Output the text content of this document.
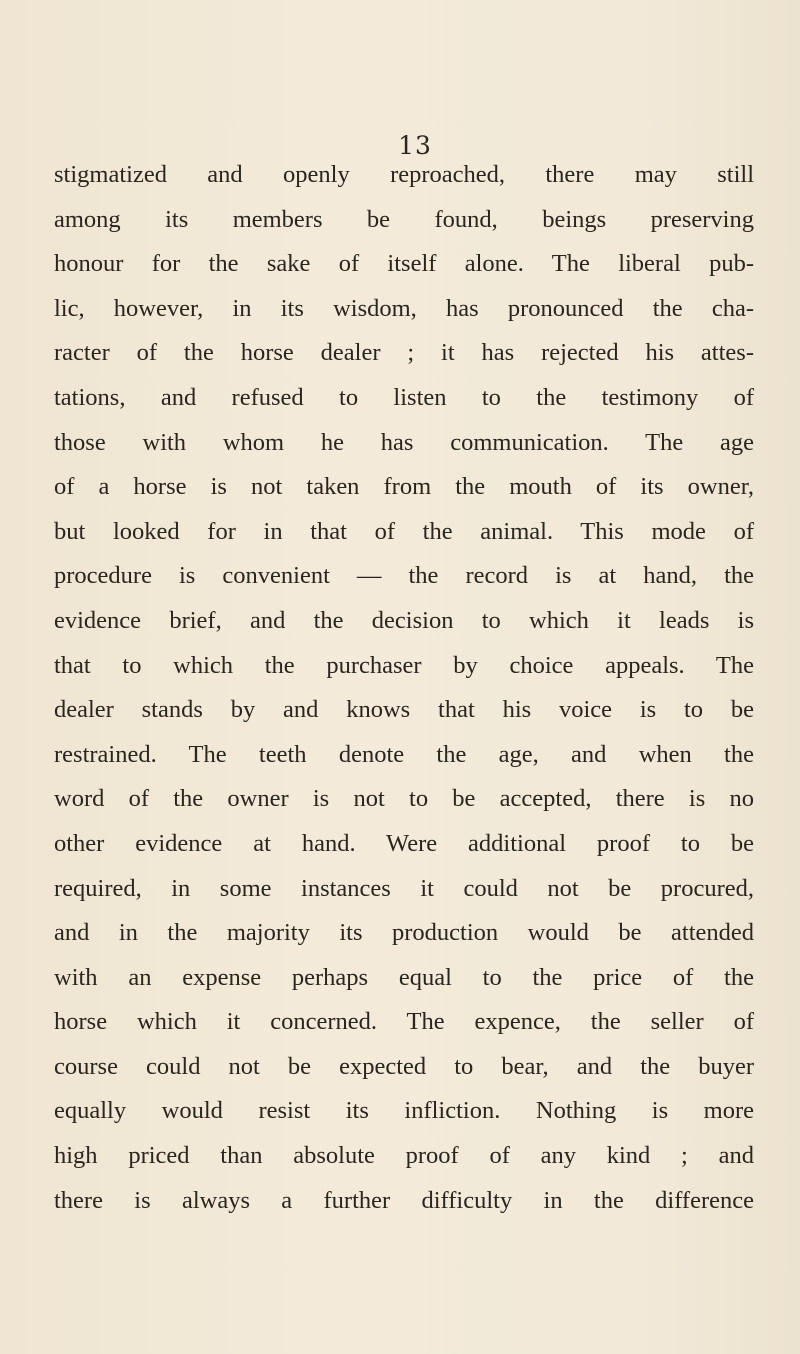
13
stigmatized and openly reproached, there may still
among its members be found, beings preserving
honour for the sake of itself alone. The liberal pub-
lic, however, in its wisdom, has pronounced the cha-
racter of the horse dealer ; it has rejected his attes-
tations, and refused to listen to the testimony of
those with whom he has communication. The age
of a horse is not taken from the mouth of its owner,
but looked for in that of the animal. This mode of
procedure is convenient — the record is at hand, the
evidence brief, and the decision to which it leads is
that to which the purchaser by choice appeals. The
dealer stands by and knows that his voice is to be
restrained. The teeth denote the age, and when the
word of the owner is not to be accepted, there is no
other evidence at hand. Were additional proof to be
required, in some instances it could not be procured,
and in the majority its production would be attended
with an expense perhaps equal to the price of the
horse which it concerned. The expence, the seller of
course could not be expected to bear, and the buyer
equally would resist its infliction. Nothing is more
high priced than absolute proof of any kind ; and
there is always a further difficulty in the difference
